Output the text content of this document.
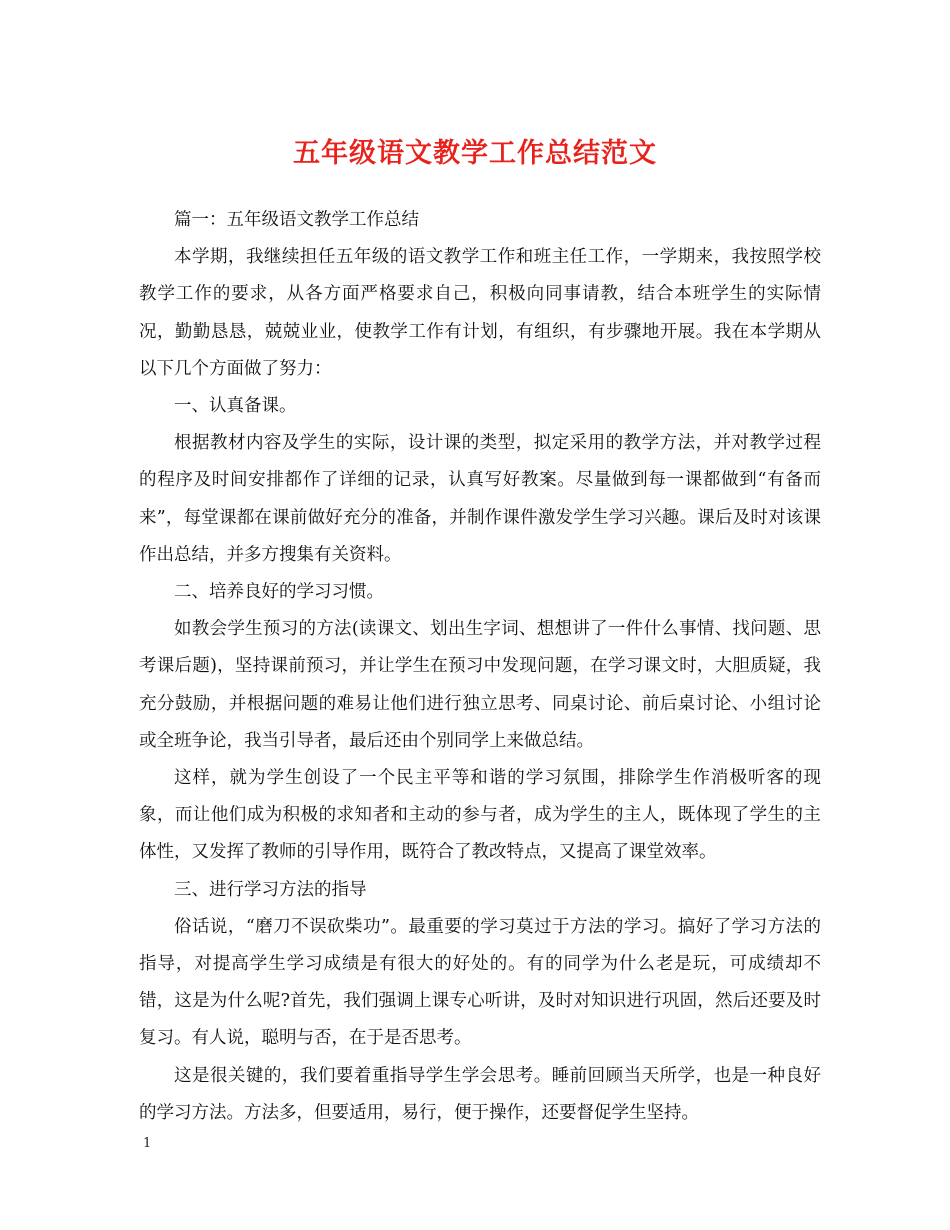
五年级语文教学工作总结范文

篇一：五年级语文教学工作总结

本学期，我继续担任五年级的语文教学工作和班主任工作，一学期来，我按照学校教学工作的要求，从各方面严格要求自己，积极向同事请教，结合本班学生的实际情况，勤勤恳恳，兢兢业业，使教学工作有计划，有组织，有步骤地开展。我在本学期从以下几个方面做了努力：

一、认真备课。

根据教材内容及学生的实际，设计课的类型，拟定采用的教学方法，并对教学过程的程序及时间安排都作了详细的记录，认真写好教案。尽量做到每一课都做到“有备而来”，每堂课都在课前做好充分的准备，并制作课件激发学生学习兴趣。课后及时对该课作出总结，并多方搜集有关资料。

二、培养良好的学习习惯。

如教会学生预习的方法(读课文、划出生字词、想想讲了一件什么事情、找问题、思考课后题)，坚持课前预习，并让学生在预习中发现问题，在学习课文时，大胆质疑，我充分鼓励，并根据问题的难易让他们进行独立思考、同桌讨论、前后桌讨论、小组讨论或全班争论，我当引导者，最后还由个别同学上来做总结。

这样，就为学生创设了一个民主平等和谐的学习氛围，排除学生作消极听客的现象，而让他们成为积极的求知者和主动的参与者，成为学生的主人，既体现了学生的主体性，又发挥了教师的引导作用，既符合了教改特点，又提高了课堂效率。

三、进行学习方法的指导

俗话说，“磨刀不误砍柴功”。最重要的学习莫过于方法的学习。搞好了学习方法的指导，对提高学生学习成绩是有很大的好处的。有的同学为什么老是玩，可成绩却不错，这是为什么呢?首先，我们强调上课专心听讲，及时对知识进行巩固，然后还要及时复习。有人说，聪明与否，在于是否思考。

这是很关键的，我们要着重指导学生学会思考。睡前回顾当天所学，也是一种良好的学习方法。方法多，但要适用，易行，便于操作，还要督促学生坚持。

1
